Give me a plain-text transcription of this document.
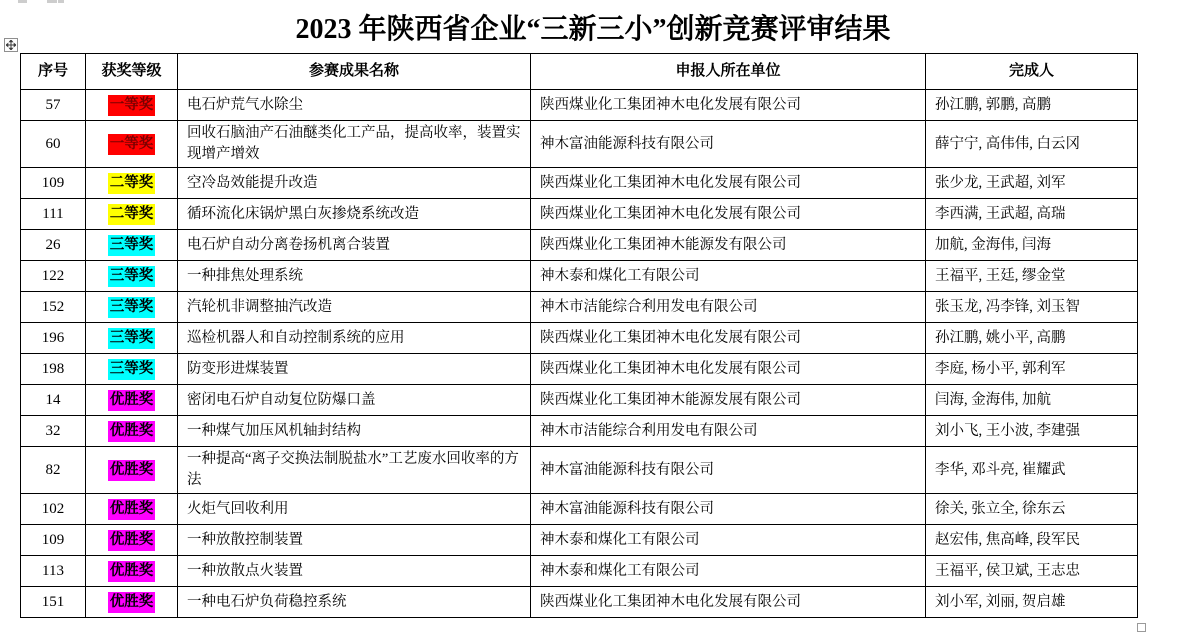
2023 年陕西省企业“三新三小”创新竞赛评审结果
序号	获奖等级	参赛成果名称	申报人所在单位	完成人
57	一等奖	电石炉荒气水除尘	陕西煤业化工集团神木电化发展有限公司	孙江鹏, 郭鹏, 高鹏
60	一等奖	回收石脑油产石油醚类化工产品，提高收率，装置实现增产增效	神木富油能源科技有限公司	薛宁宁, 高伟伟, 白云冈
109	二等奖	空冷岛效能提升改造	陕西煤业化工集团神木电化发展有限公司	张少龙, 王武超, 刘军
111	二等奖	循环流化床锅炉黑白灰掺烧系统改造	陕西煤业化工集团神木电化发展有限公司	李西满, 王武超, 高瑞
26	三等奖	电石炉自动分离卷扬机离合装置	陕西煤业化工集团神木能源发有限公司	加航, 金海伟, 闫海
122	三等奖	一种排焦处理系统	神木泰和煤化工有限公司	王福平, 王廷, 缪金堂
152	三等奖	汽轮机非调整抽汽改造	神木市洁能综合利用发电有限公司	张玉龙, 冯李锋, 刘玉智
196	三等奖	巡检机器人和自动控制系统的应用	陕西煤业化工集团神木电化发展有限公司	孙江鹏, 姚小平, 高鹏
198	三等奖	防变形进煤装置	陕西煤业化工集团神木电化发展有限公司	李庭, 杨小平, 郭利军
14	优胜奖	密闭电石炉自动复位防爆口盖	陕西煤业化工集团神木能源发展有限公司	闫海, 金海伟, 加航
32	优胜奖	一种煤气加压风机轴封结构	神木市洁能综合利用发电有限公司	刘小飞, 王小波, 李建强
82	优胜奖	一种提高“离子交换法制脱盐水”工艺废水回收率的方法	神木富油能源科技有限公司	李华, 邓斗亮, 崔耀武
102	优胜奖	火炬气回收利用	神木富油能源科技有限公司	徐关, 张立全, 徐东云
109	优胜奖	一种放散控制装置	神木泰和煤化工有限公司	赵宏伟, 焦高峰, 段军民
113	优胜奖	一种放散点火装置	神木泰和煤化工有限公司	王福平, 侯卫斌, 王志忠
151	优胜奖	一种电石炉负荷稳控系统	陕西煤业化工集团神木电化发展有限公司	刘小军, 刘丽, 贺启雄
